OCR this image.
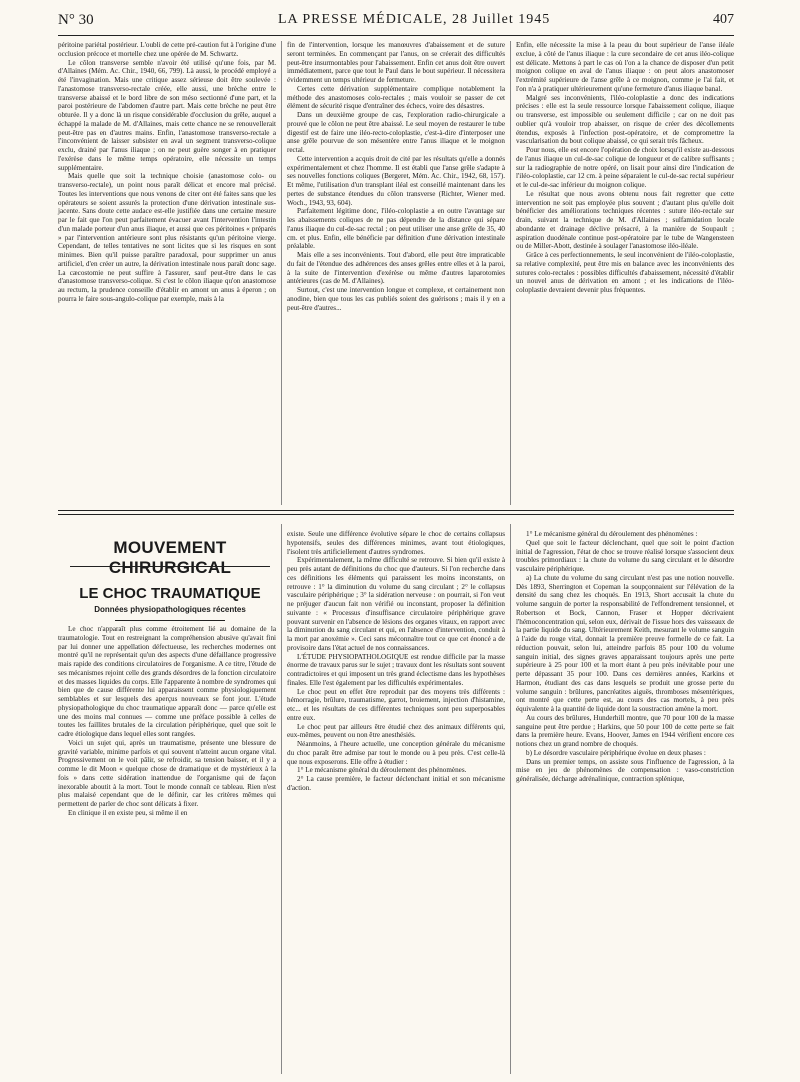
N° 30	LA PRESSE MÉDICALE, 28 Juillet 1945	407

péritoine pariétal postérieur. L'oubli de cette pré-caution fut à l'origine d'une occlusion précoce et mortelle chez une opérée de M. Schwartz.

Le côlon transverse semble n'avoir été utilisé qu'une fois, par M. d'Allaines (Mém. Ac. Chir., 1940, 66, 799). Là aussi, le procédé employé a été l'invagination. Mais une critique assez sérieuse doit être soulevée : l'anastomose transverso-rectale créée, elle aussi, une brèche entre le transverse abaissé et le bord libre de son méso sectionné d'une part, et la paroi postérieure de l'abdomen d'autre part. Mais cette brèche ne peut être obturée. Il y a donc là un risque considérable d'occlusion du grêle, auquel a échappé la malade de M. d'Allaines, mais cette chance ne se renouvellerait peut-être pas en d'autres mains. Enfin, l'anastomose transverso-rectale a l'inconvénient de laisser subsister en aval un segment transverso-colique exclu, drainé par l'anus iliaque ; on ne peut guère songer à en pratiquer l'exérèse dans le même temps opératoire, elle nécessite un temps supplémentaire.

Mais quelle que soit la technique choisie (anastomose colo- ou transverso-rectale), un point nous paraît délicat et encore mal précisé. Toutes les interventions que nous venons de citer ont été faites sans que les opérateurs se soient assurés la protection d'une dérivation intestinale sus-jacente. Sans doute cette audace est-elle justifiée dans une certaine mesure par le fait que l'on peut parfaitement évacuer avant l'intervention l'intestin d'un malade porteur d'un anus iliaque, et aussi que ces péritoines « préparés » par l'intervention antérieure sont plus résistants qu'un péritoine vierge. Cependant, de telles tentatives ne sont licites que si les risques en sont minimes. Bien qu'il puisse paraître paradoxal, pour supprimer un anus artificiel, d'en créer un autre, la dérivation intestinale nous paraît donc sage. La cæcostomie ne peut suffire à l'assurer, sauf peut-être dans le cas d'anastomose transverso-colique. Si c'est le côlon iliaque qu'on anastomose au rectum, la prudence conseille d'établir en amont un anus à éperon ; on pourra le faire sous-angulo-colique par exemple, mais à la

fin de l'intervention, lorsque les manœuvres d'abaissement et de suture seront terminées. En commençant par l'anus, on se créerait des difficultés peut-être insurmontables pour l'abaissement. Enfin cet anus doit être ouvert immédiatement, parce que tout le Paul dans le bout supérieur. Il nécessitera évidemment un temps ultérieur de fermeture.

Certes cette dérivation supplémentaire complique notablement la méthode des anastomoses colo-rectales ; mais vouloir se passer de cet élément de sécurité risque d'entraîner des échecs, voire des désastres.

Dans un deuxième groupe de cas, l'exploration radio-chirurgicale a prouvé que le côlon ne peut être abaissé. Le seul moyen de restaurer le tube digestif est de faire une iléo-recto-coloplastie, c'est-à-dire d'interposer une anse grêle pourvue de son mésentère entre l'anus iliaque et le moignon rectal.

Cette intervention a acquis droit de cité par les résultats qu'elle a donnés expérimentalement et chez l'homme. Il est établi que l'anse grêle s'adapte à ses nouvelles fonctions coliques (Bergeret, Mém. Ac. Chir., 1942, 68, 157). Et même, l'utilisation d'un transplant iléal est conseillé maintenant dans les pertes de substance étendues du côlon transverse (Richter, Wiener med. Woch., 1943, 93, 604).

Parfaitement légitime donc, l'iléo-coloplastie a en outre l'avantage sur les abaissements coliques de ne pas dépendre de la distance qui sépare l'anus iliaque du cul-de-sac rectal ; on peut utiliser une anse grêle de 35, 40 cm. et plus. Enfin, elle bénéficie par définition d'une dérivation intestinale préalable.

Mais elle a ses inconvénients. Tout d'abord, elle peut être impraticable du fait de l'étendue des adhérences des anses grêles entre elles et à la paroi, à la suite de l'intervention d'exérèse ou même d'autres laparotomies antérieures (cas de M. d'Allaines).

Surtout, c'est une intervention longue et complexe, et certainement non anodine, bien que tous les cas publiés soient des guérisons ; mais il y en a peut-être d'autres...

Enfin, elle nécessite la mise à la peau du bout supérieur de l'anse iléale exclue, à côté de l'anus iliaque : la cure secondaire de cet anus iléo-colique est délicate. Mettons à part le cas où l'on a la chance de disposer d'un petit moignon colique en aval de l'anus iliaque : on peut alors anastomoser l'extrémité supérieure de l'anse grêle à ce moignon, comme je l'ai fait, et l'on n'a à pratiquer ultérieurement qu'une fermeture d'anus iliaque banal.

Malgré ses inconvénients, l'iléo-coloplastie a donc des indications précises : elle est la seule ressource lorsque l'abaissement colique, iliaque ou transverse, est impossible ou seulement difficile ; car on ne doit pas oublier qu'à vouloir trop abaisser, on risque de créer des décollements étendus, exposés à l'infection post-opératoire, et de compromettre la vascularisation du bout colique abaissé, ce qui serait très fâcheux.

Pour nous, elle est encore l'opération de choix lorsqu'il existe au-dessous de l'anus iliaque un cul-de-sac colique de longueur et de calibre suffisants ; sur la radiographie de notre opéré, on lisait pour ainsi dire l'indication de l'iléo-coloplastie, car 12 cm. à peine séparaient le cul-de-sac rectal supérieur et le cul-de-sac inférieur du moignon colique.

Le résultat que nous avons obtenu nous fait regretter que cette intervention ne soit pas employée plus souvent ; d'autant plus qu'elle doit bénéficier des améliorations techniques récentes : suture iléo-rectale sur drain, suivant la technique de M. d'Allaines ; sulfamidation locale abondante et drainage déclive présacré, à la manière de Soupault ; aspiration duodénale continue post-opératoire par le tube de Wangensteen ou de Miller-Abott, destinée à soulager l'anastomose iléo-iléale.

Grâce à ces perfectionnements, le seul inconvénient de l'iléo-coloplastie, sa relative complexité, peut être mis en balance avec les inconvénients des sutures colo-rectales : possibles difficultés d'abaissement, nécessité d'établir un nouvel anus de dérivation en amont ; et les indications de l'iléo-coloplastie devraient devenir plus fréquentes.

MOUVEMENT CHIRURGICAL
LE CHOC TRAUMATIQUE
Données physiopathologiques récentes

Le choc n'apparaît plus comme étroitement lié au domaine de la traumatologie. Tout en restreignant la compréhension abusive qu'avait fini par lui donner une appellation défectueuse, les recherches modernes ont montré qu'il ne représentait qu'un des aspects d'une défaillance progressive mais rapide des conditions circulatoires de l'organisme. A ce titre, l'étude de ses mécanismes rejoint celle des grands désordres de la fonction circulatoire et des masses liquides du corps. Elle l'apparente à nombre de syndromes qui bien que de cause différente lui apparaissent comme physiologiquement semblables et sur lesquels des aperçus nouveaux se font jour. L'étude physiopathologique du choc traumatique apparaît donc — parce qu'elle est une des moins mal connues — comme une préface possible à celles de toutes les faillites brutales de la circulation périphérique, quel que soit le cadre étiologique dans lequel elles sont rangées.

Voici un sujet qui, après un traumatisme, présente une blessure de gravité variable, minime parfois et qui souvent n'atteint aucun organe vital. Progressivement on le voit pâlir, se refroidir, sa tension baisser, et il y a comme le dit Moon « quelque chose de dramatique et de mystérieux à la fois » dans cette sidération inattendue de l'organisme qui de façon inexorable aboutit à la mort. Tout le monde connaît ce tableau. Rien n'est plus malaisé cependant que de le définir, car les critères mêmes qui permettent de parler de choc sont délicats à fixer.

En clinique il en existe peu, si même il en

existe. Seule une différence évolutive sépare le choc de certains collapsus hypotensifs, seules des différences minimes, avant tout étiologiques, l'isolent très artificiellement d'autres syndromes.

Expérimentalement, la même difficulté se retrouve. Si bien qu'il existe à peu près autant de définitions du choc que d'auteurs. Si l'on recherche dans ces définitions les éléments qui paraissent les moins inconstants, on retrouve : 1° la diminution du volume du sang circulant ; 2° le collapsus vasculaire périphérique ; 3° la sidération nerveuse : on pourrait, si l'on veut ne préjuger d'aucun fait non vérifié ou inconstant, proposer la définition suivante : « Processus d'insuffisance circulatoire périphérique grave pouvant survenir en l'absence de lésions des organes vitaux, en rapport avec la diminution du sang circulant et qui, en l'absence d'intervention, conduit à la mort par anoxémie ». Ceci sans méconnaître tout ce que cet énoncé a de provisoire dans l'état actuel de nos connaissances.

L'ÉTUDE PHYSIOPATHOLOGIQUE est rendue difficile par la masse énorme de travaux parus sur le sujet ; travaux dont les résultats sont souvent contradictoires et qui imposent un très grand éclectisme dans les hypothèses finales. Elle l'est également par les difficultés expérimentales.

Le choc peut en effet être reproduit par des moyens très différents : hémorragie, brûlure, traumatisme, garrot, broiement, injection d'histamine, etc... et les résultats de ces différentes techniques sont peu superposables entre eux.

Le choc peut par ailleurs être étudié chez des animaux différents qui, eux-mêmes, peuvent ou non être anesthésiés.

Néanmoins, à l'heure actuelle, une conception générale du mécanisme du choc paraît être admise par tout le monde ou à peu près. C'est celle-là que nous exposerons. Elle offre à étudier :

1° Le mécanisme général du déroulement des phénomènes.

2° La cause première, le facteur déclenchant initial et son mécanisme d'action.

1° Le mécanisme général du déroulement des phénomènes :

Quel que soit le facteur déclenchant, quel que soit le point d'action initial de l'agression, l'état de choc se trouve réalisé lorsque s'associent deux troubles primordiaux : la chute du volume du sang circulant et le désordre vasculaire périphérique.

a) La chute du volume du sang circulant n'est pas une notion nouvelle. Dès 1893, Sherrington et Copeman la soupçonnaient sur l'élévation de la densité du sang chez les choqués. En 1913, Short accusait la chute du volume sanguin de porter la responsabilité de l'effondrement tensionnel, et Robertson et Bock, Cannon, Fraser et Hopper décrivaient l'hémoconcentration qui, selon eux, dérivait de l'issue hors des vaisseaux de la partie liquide du sang. Ultérieurement Keith, mesurant le volume sanguin à l'aide du rouge vital, donnait la première preuve formelle de ce fait. La réduction pouvait, selon lui, atteindre parfois 85 pour 100 du volume sanguin initial, des signes graves apparaissant toujours après une perte supérieure à 25 pour 100 et la mort étant à peu près inévitable pour une perte dépassant 35 pour 100. Dans ces dernières années, Karkins et Harmon, étudiant des cas dans lesquels se produit une grosse perte du volume sanguin : brûlures, pancréatites aiguës, thromboses mésentériques, ont montré que cette perte est, au cours des cas mortels, à peu près équivalente à la quantité de liquide dont la soustraction amène la mort.

Au cours des brûlures, Hunderhill montre, que 70 pour 100 de la masse sanguine peut être perdue ; Harkins, que 50 pour 100 de cette perte se fait dans la première heure. Evans, Hoover, James en 1944 vérifient encore ces notions chez un grand nombre de choqués.

b) Le désordre vasculaire périphérique évolue en deux phases :

Dans un premier temps, on assiste sous l'influence de l'agression, à la mise en jeu de phénomènes de compensation : vaso-constriction généralisée, décharge adrénalinique, contraction splénique,
